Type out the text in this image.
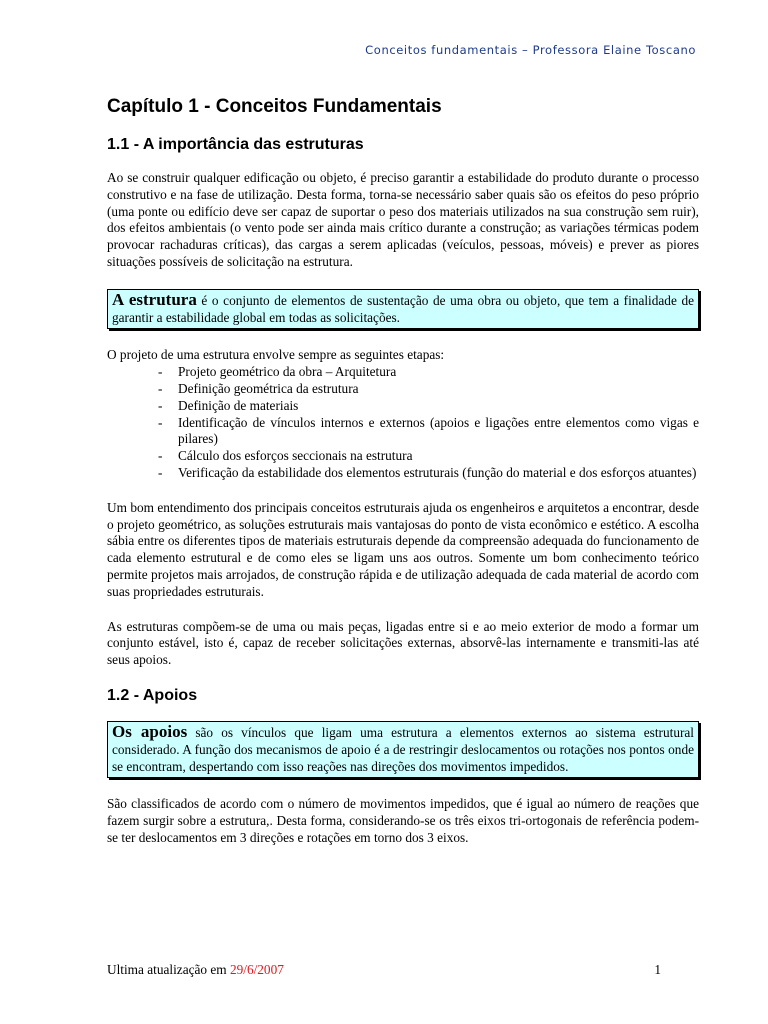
Conceitos fundamentais – Professora Elaine Toscano
Capítulo 1 - Conceitos Fundamentais
1.1 - A importância das estruturas

Ao se construir qualquer edificação ou objeto, é preciso garantir a estabilidade do produto durante o processo construtivo e na fase de utilização. Desta forma, torna-se necessário saber quais são os efeitos do peso próprio (uma ponte ou edifício deve ser capaz de suportar o peso dos materiais utilizados na sua construção sem ruir), dos efeitos ambientais (o vento pode ser ainda mais crítico durante a construção; as variações térmicas podem provocar rachaduras críticas), das cargas a serem aplicadas (veículos, pessoas, móveis) e prever as piores situações possíveis de solicitação na estrutura.

A estrutura é o conjunto de elementos de sustentação de uma obra ou objeto, que tem a finalidade de garantir a estabilidade global em todas as solicitações.

O projeto de uma estrutura envolve sempre as seguintes etapas:

- Projeto geométrico da obra – Arquitetura
- Definição geométrica da estrutura
- Definição de materiais
- Identificação de vínculos internos e externos (apoios e ligações entre elementos como vigas e pilares)
- Cálculo dos esforços seccionais na estrutura
- Verificação da estabilidade dos elementos estruturais (função do material e dos esforços atuantes)

Um bom entendimento dos principais conceitos estruturais ajuda os engenheiros e arquitetos a encontrar, desde o projeto geométrico, as soluções estruturais mais vantajosas do ponto de vista econômico e estético. A escolha sábia entre os diferentes tipos de materiais estruturais depende da compreensão adequada do funcionamento de cada elemento estrutural e de como eles se ligam uns aos outros. Somente um bom conhecimento teórico permite projetos mais arrojados, de construção rápida e de utilização adequada de cada material de acordo com suas propriedades estruturais.

As estruturas compõem-se de uma ou mais peças, ligadas entre si e ao meio exterior de modo a formar um conjunto estável, isto é, capaz de receber solicitações externas, absorvê-las internamente e transmiti-las até seus apoios.

1.2 - Apoios
Os apoios são os vínculos que ligam uma estrutura a elementos externos ao sistema estrutural considerado. A função dos mecanismos de apoio é a de restringir deslocamentos ou rotações nos pontos onde se encontram, despertando com isso reações nas direções dos movimentos impedidos.

São classificados de acordo com o número de movimentos impedidos, que é igual ao número de reações que fazem surgir sobre a estrutura,. Desta forma, considerando-se os três eixos tri-ortogonais de referência podem-se ter deslocamentos em 3 direções e rotações em torno dos 3 eixos.

Ultima atualização em 29/6/2007	1
